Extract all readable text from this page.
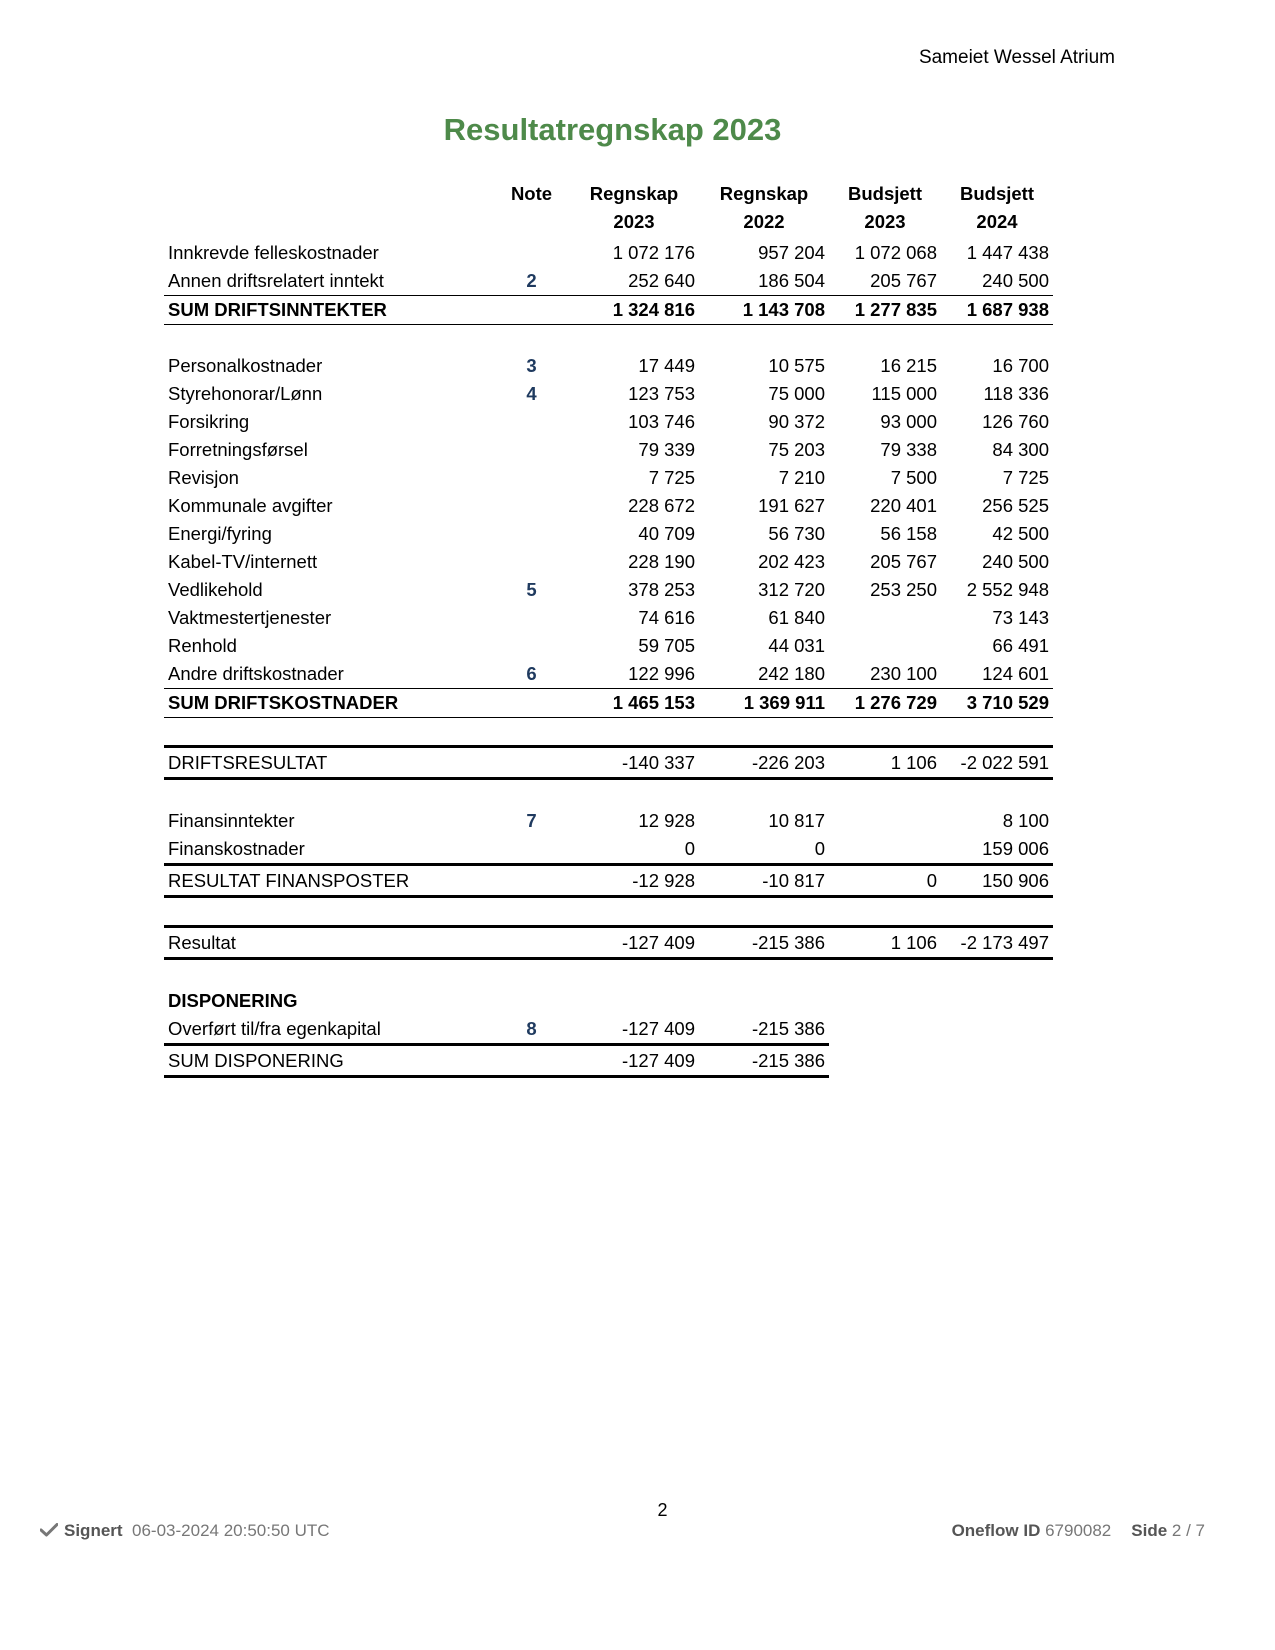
Sameiet Wessel Atrium
Resultatregnskap 2023
	Note	Regnskap	Regnskap	Budsjett	Budsjett
		2023	2022	2023	2024
Innkrevde felleskostnader		1 072 176	957 204	1 072 068	1 447 438
Annen driftsrelatert inntekt	2	252 640	186 504	205 767	240 500
SUM DRIFTSINNTEKTER		1 324 816	1 143 708	1 277 835	1 687 938

Personalkostnader	3	17 449	10 575	16 215	16 700
Styrehonorar/Lønn	4	123 753	75 000	115 000	118 336
Forsikring		103 746	90 372	93 000	126 760
Forretningsførsel		79 339	75 203	79 338	84 300
Revisjon		7 725	7 210	7 500	7 725
Kommunale avgifter		228 672	191 627	220 401	256 525
Energi/fyring		40 709	56 730	56 158	42 500
Kabel-TV/internett		228 190	202 423	205 767	240 500
Vedlikehold	5	378 253	312 720	253 250	2 552 948
Vaktmestertjenester		74 616	61 840		73 143
Renhold		59 705	44 031		66 491
Andre driftskostnader	6	122 996	242 180	230 100	124 601
SUM DRIFTSKOSTNADER		1 465 153	1 369 911	1 276 729	3 710 529

DRIFTSRESULTAT		-140 337	-226 203	1 106	-2 022 591

Finansinntekter	7	12 928	10 817		8 100
Finanskostnader		0	0		159 006
RESULTAT FINANSPOSTER		-12 928	-10 817	0	150 906

Resultat		-127 409	-215 386	1 106	-2 173 497

DISPONERING					
Overført til/fra egenkapital	8	-127 409	-215 386		
SUM DISPONERING		-127 409	-215 386		
2
Signert 06-03-2024 20:50:50 UTC	Oneflow ID 6790082 Side 2 / 7
